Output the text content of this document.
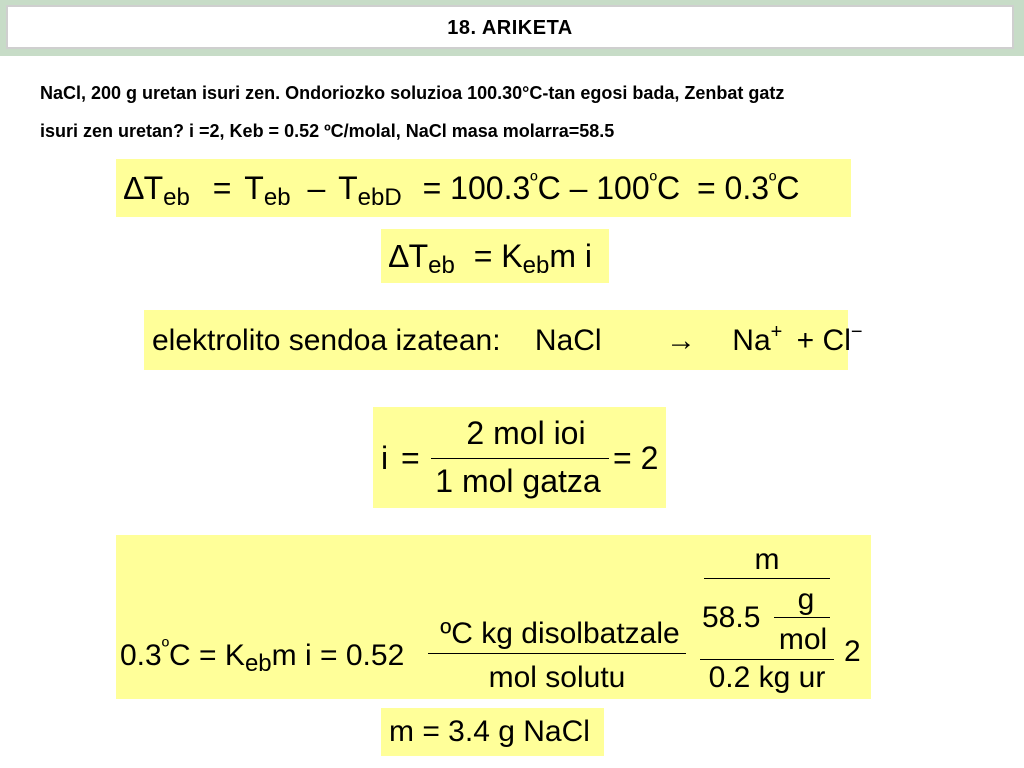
18. ARIKETA
NaCl, 200 g uretan isuri zen. Ondoriozko soluzioa 100.30°C-tan egosi bada, Zenbat gatz
isuri zen uretan? i =2, Keb = 0.52 ºC/molal, NaCl masa molarra=58.5
∆Teb = Teb – TebD = $100.3^ºC - 100^ºC = 0.3^ºC$
∆Teb = Kebm i
elektrolito sendoa izatean: NaCl → Na+ + Cl−
i =
2 mol ioi
1 mol gatza
= 2
$0.3^ºC = K_{eb}m$ i = 0.52
ºC kg disolbatzale
mol solutu
m
g
58.5
mol
0.2 kg ur
2
m = 3.4 g NaCl
